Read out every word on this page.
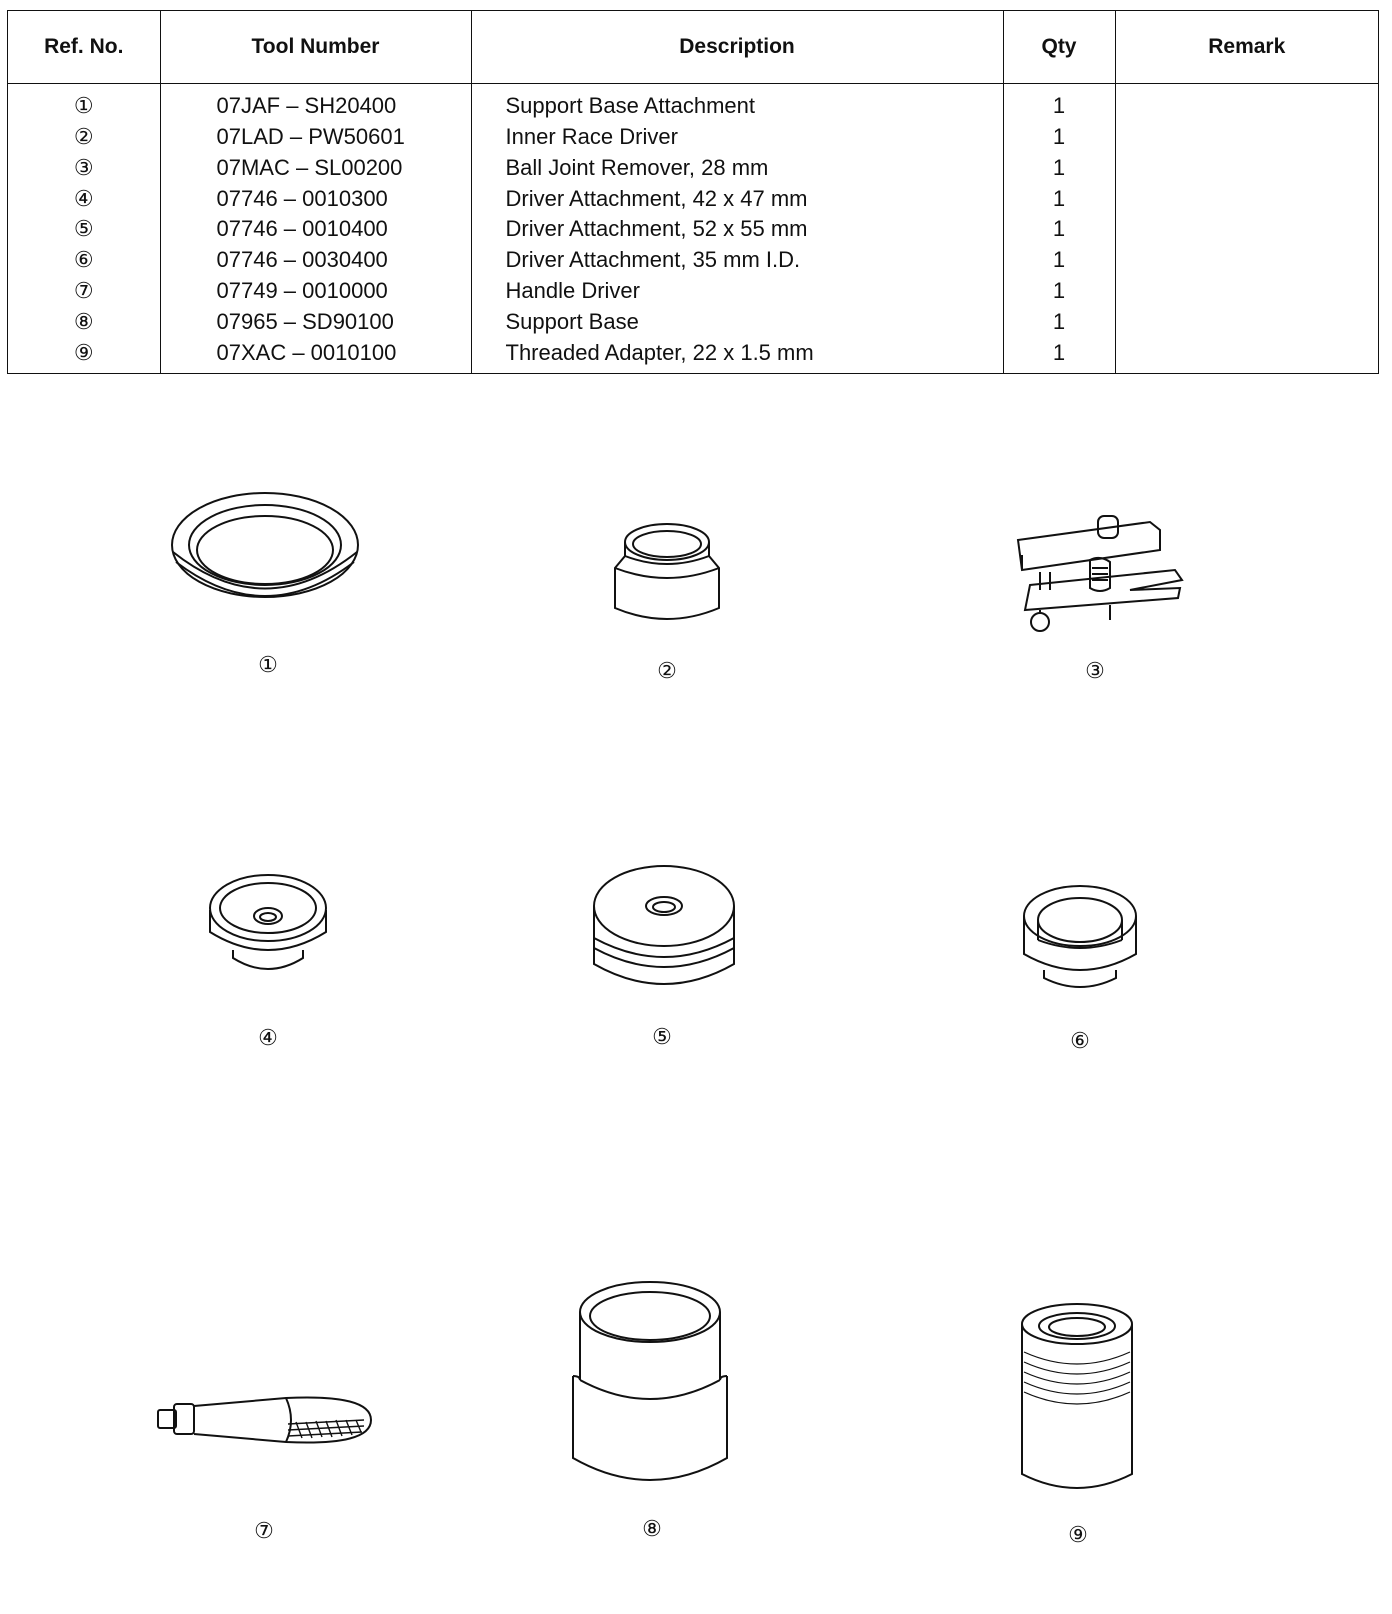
Ref. No.	Tool Number	Description	Qty	Remark
①	07JAF – SH20400	Support Base Attachment	1	
②	07LAD – PW50601	Inner Race Driver	1	
③	07MAC – SL00200	Ball Joint Remover, 28 mm	1	
④	07746 – 0010300	Driver Attachment, 42 x 47 mm	1	
⑤	07746 – 0010400	Driver Attachment, 52 x 55 mm	1	
⑥	07746 – 0030400	Driver Attachment, 35 mm I.D.	1	
⑦	07749 – 0010000	Handle Driver	1	
⑧	07965 – SD90100	Support Base	1	
⑨	07XAC – 0010100	Threaded Adapter, 22 x 1.5 mm	1	
①	②	③
④	⑤	⑥
⑦	⑧	⑨
